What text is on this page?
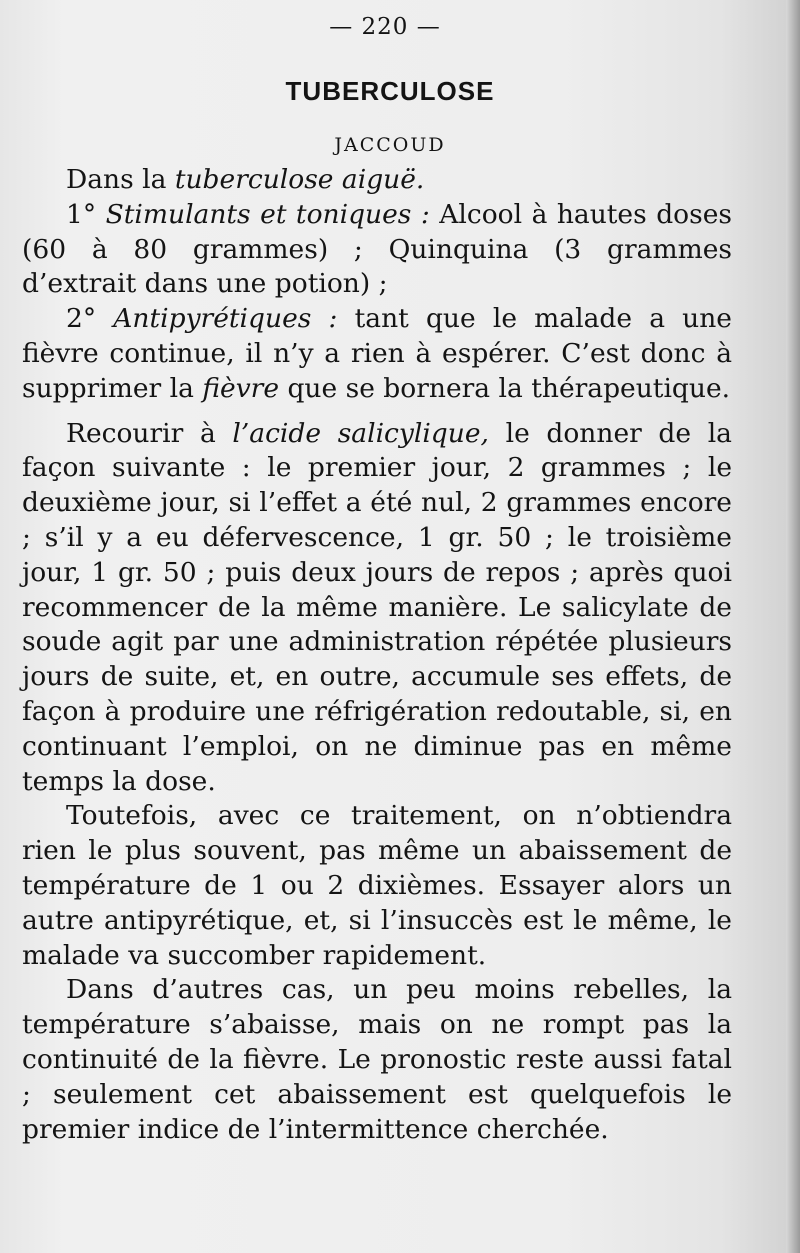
— 220 —
TUBERCULOSE
JACCOUD

Dans la tuberculose aiguë.

1° Stimulants et toniques : Alcool à hautes doses (60 à 80 grammes) ; Quinquina (3 grammes d’extrait dans une potion) ;

2° Antipyrétiques : tant que le malade a une fièvre continue, il n’y a rien à espérer. C’est donc à supprimer la fièvre que se bornera la thérapeutique.

Recourir à l’acide salicylique, le donner de la façon suivante : le premier jour, 2 grammes ; le deuxième jour, si l’effet a été nul, 2 grammes encore ; s’il y a eu défervescence, 1 gr. 50 ; le troisième jour, 1 gr. 50 ; puis deux jours de repos ; après quoi recommencer de la même manière. Le salicylate de soude agit par une administration répétée plusieurs jours de suite, et, en outre, accumule ses effets, de façon à produire une réfrigération redoutable, si, en continuant l’emploi, on ne diminue pas en même temps la dose.

Toutefois, avec ce traitement, on n’obtiendra rien le plus souvent, pas même un abaissement de température de 1 ou 2 dixièmes. Essayer alors un autre antipyrétique, et, si l’insuccès est le même, le malade va succomber rapidement.

Dans d’autres cas, un peu moins rebelles, la température s’abaisse, mais on ne rompt pas la continuité de la fièvre. Le pronostic reste aussi fatal ; seulement cet abaissement est quelquefois le premier indice de l’intermittence cherchée.
